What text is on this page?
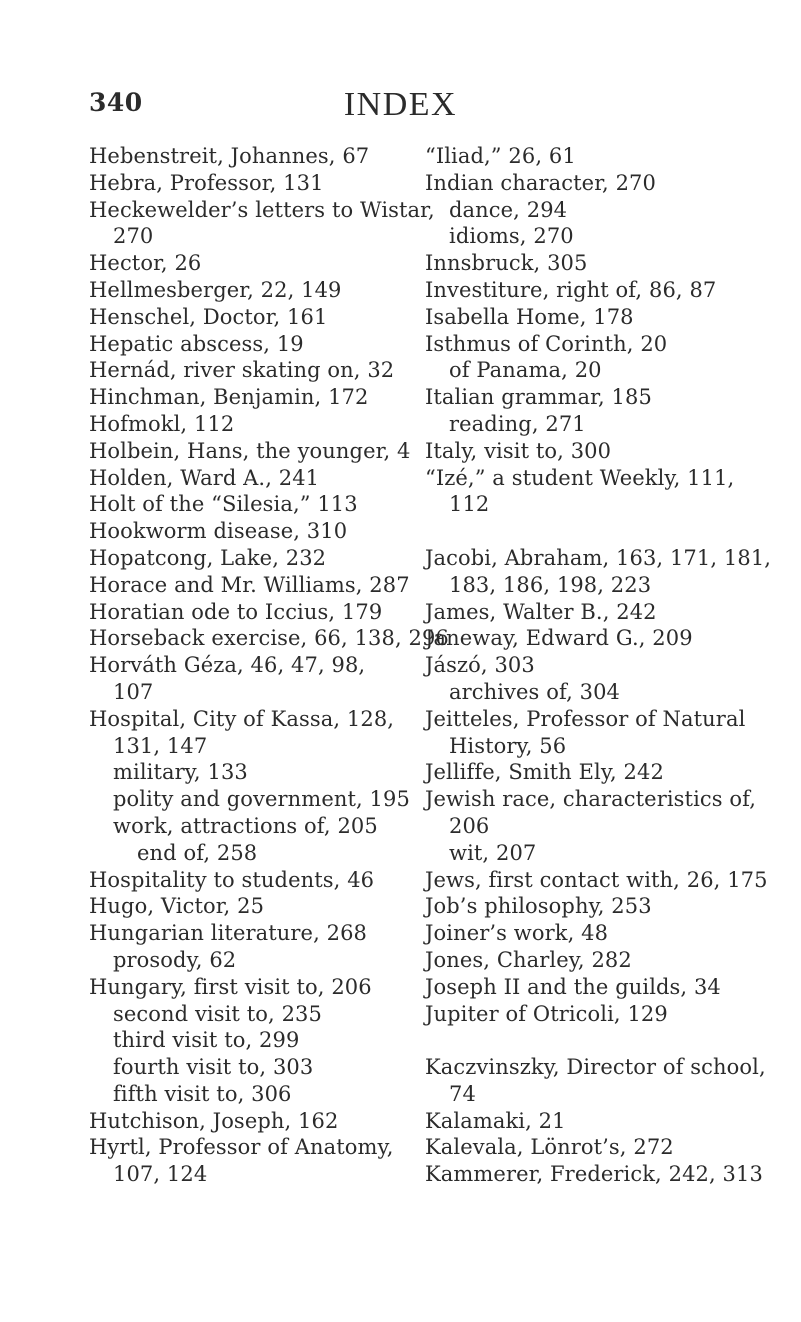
340	INDEX
Hebenstreit, Johannes, 67
Hebra, Professor, 131
Heckewelder’s letters to Wistar,
270
Hector, 26
Hellmesberger, 22, 149
Henschel, Doctor, 161
Hepatic abscess, 19
Hernád, river skating on, 32
Hinchman, Benjamin, 172
Hofmokl, 112
Holbein, Hans, the younger, 4
Holden, Ward A., 241
Holt of the “Silesia,” 113
Hookworm disease, 310
Hopatcong, Lake, 232
Horace and Mr. Williams, 287
Horatian ode to Iccius, 179
Horseback exercise, 66, 138, 296
Horváth Géza, 46, 47, 98,
107
Hospital, City of Kassa, 128,
131, 147
military, 133
polity and government, 195
work, attractions of, 205
end of, 258
Hospitality to students, 46
Hugo, Victor, 25
Hungarian literature, 268
prosody, 62
Hungary, first visit to, 206
second visit to, 235
third visit to, 299
fourth visit to, 303
fifth visit to, 306
Hutchison, Joseph, 162
Hyrtl, Professor of Anatomy,
107, 124
“Iliad,” 26, 61
Indian character, 270
dance, 294
idioms, 270
Innsbruck, 305
Investiture, right of, 86, 87
Isabella Home, 178
Isthmus of Corinth, 20
of Panama, 20
Italian grammar, 185
reading, 271
Italy, visit to, 300
“Izé,” a student Weekly, 111,
112
Jacobi, Abraham, 163, 171, 181,
183, 186, 198, 223
James, Walter B., 242
Janeway, Edward G., 209
Jászó, 303
archives of, 304
Jeitteles, Professor of Natural
History, 56
Jelliffe, Smith Ely, 242
Jewish race, characteristics of,
206
wit, 207
Jews, first contact with, 26, 175
Job’s philosophy, 253
Joiner’s work, 48
Jones, Charley, 282
Joseph II and the guilds, 34
Jupiter of Otricoli, 129
Kaczvinszky, Director of school,
74
Kalamaki, 21
Kalevala, Lönrot’s, 272
Kammerer, Frederick, 242, 313
